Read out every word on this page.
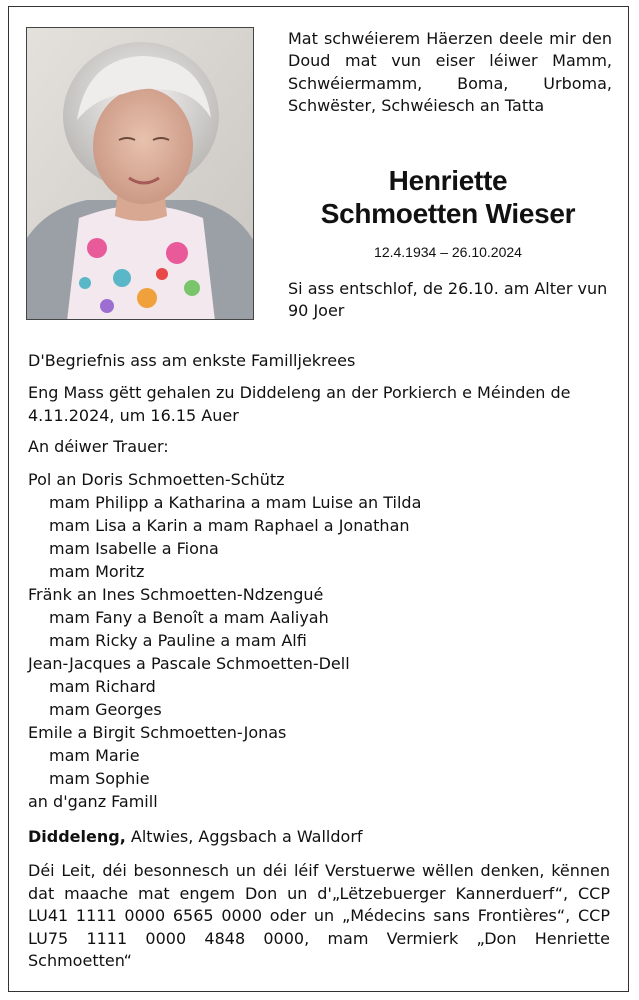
Mat schwéierem Häerzen deele mir den Doud mat vun eiser léiwer Mamm, Schwéiermamm, Boma, Urboma, Schwëster, Schwéiesch an Tatta

Henriette
Schmoetten Wieser

12.4.1934 – 26.10.2024

Si ass entschlof, de 26.10. am Alter vun 90 Joer

D'Begriefnis ass am enkste Familljekrees

Eng Mass gëtt gehalen zu Diddeleng an der Porkierch e Méinden de 4.11.2024, um 16.15 Auer

An déiwer Trauer:

Pol an Doris Schmoetten-Schütz
mam Philipp a Katharina a mam Luise an Tilda
mam Lisa a Karin a mam Raphael a Jonathan
mam Isabelle a Fiona
mam Moritz
Fränk an Ines Schmoetten-Ndzengué
mam Fany a Benoît a mam Aaliyah
mam Ricky a Pauline a mam Alfi
Jean-Jacques a Pascale Schmoetten-Dell
mam Richard
mam Georges
Emile a Birgit Schmoetten-Jonas
mam Marie
mam Sophie
an d'ganz Famill

Diddeleng, Altwies, Aggsbach a Walldorf

Déi Leit, déi besonnesch un déi léif Verstuerwe wëllen denken, kënnen dat maache mat engem Don un d'„Lëtzebuerger Kannerduerf“, CCP LU41 1111 0000 6565 0000 oder un „Médecins sans Frontières“, CCP LU75 1111 0000 4848 0000, mam Vermierk „Don Henriette Schmoetten“
